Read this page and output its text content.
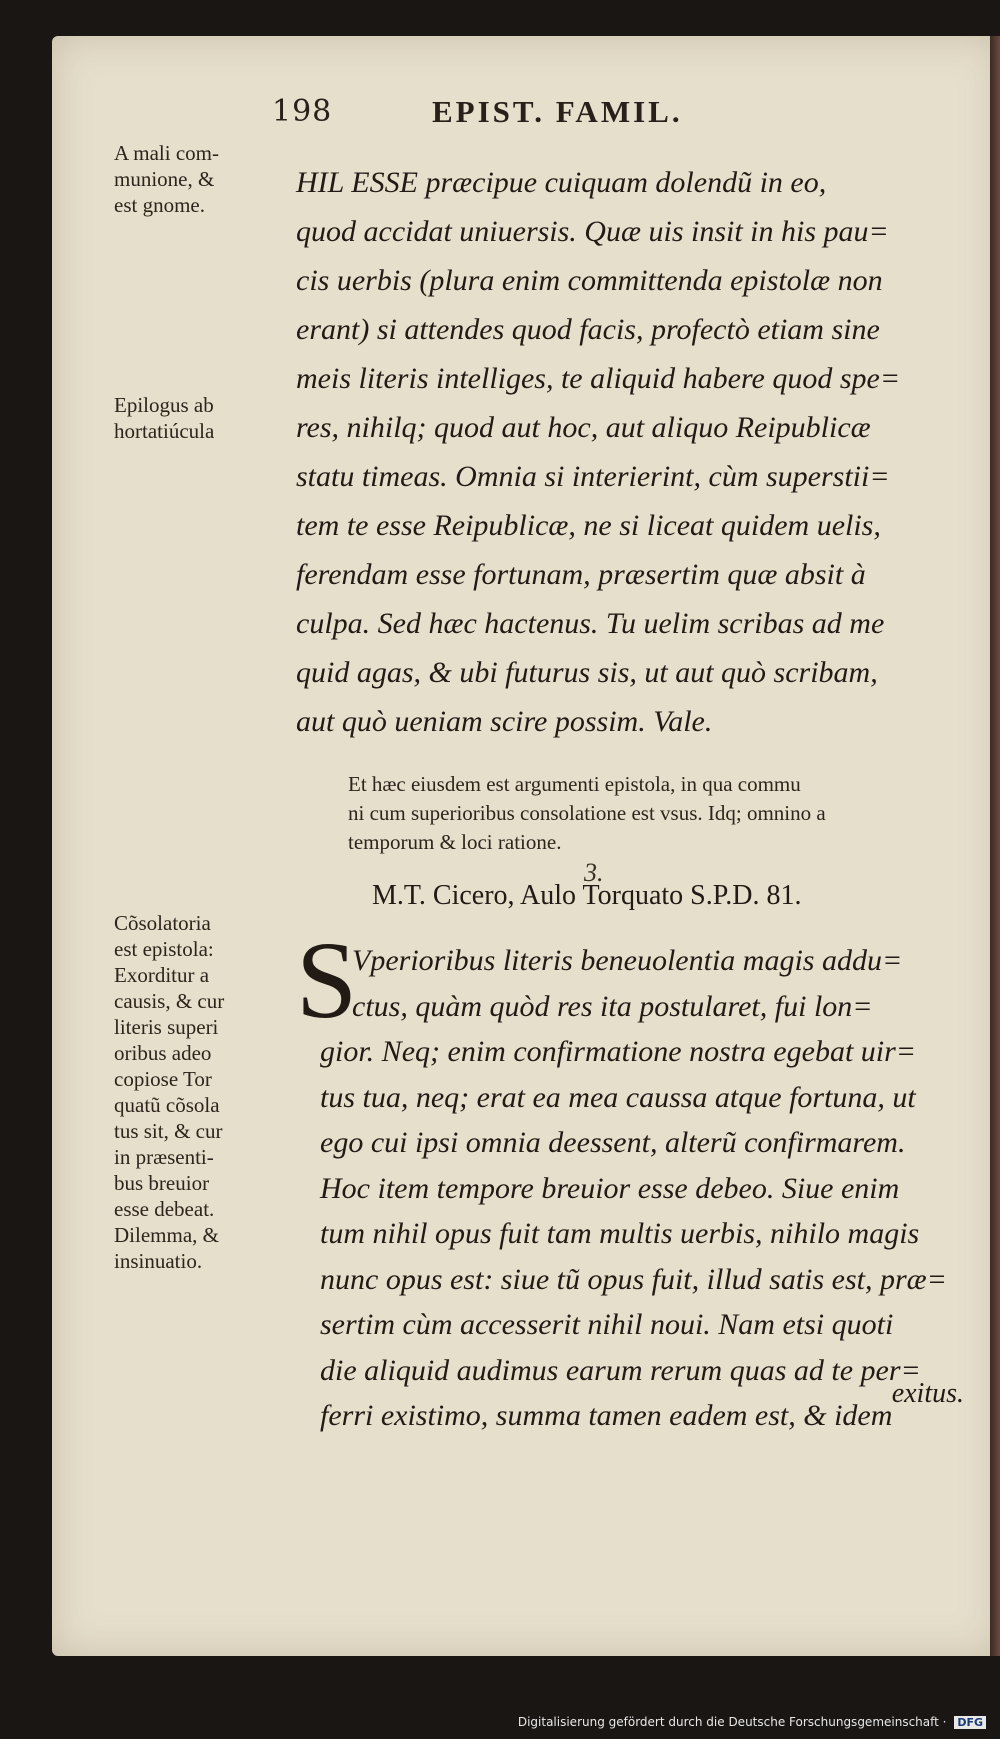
198	EPIST. FAMIL.
A mali com-
munione, &
est gnome.
Epilogus ab
hortatiúcula
Cõsolatoria
est epistola:
Exorditur a
causis, & cur
literis superi
oribus adeo
copiose Tor
quatũ cõsola
tus sit, & cur
in præsenti-
bus breuior
esse debeat.
Dilemma, &
insinuatio.
HIL ESSE præcipue cuiquam dolendũ in eo,
quod accidat uniuersis. Quæ uis insit in his pau=
cis uerbis (plura enim committenda epistolæ non
erant) si attendes quod facis, profectò etiam sine
meis literis intelliges, te aliquid habere quod spe=
res, nihilq; quod aut hoc, aut aliquo Reipublicæ
statu timeas. Omnia si interierint, cùm superstii=
tem te esse Reipublicæ, ne si liceat quidem uelis,
ferendam esse fortunam, præsertim quæ absit à
culpa. Sed hæc hactenus. Tu uelim scribas ad me
quid agas, & ubi futurus sis, ut aut quò scribam,
aut quò ueniam scire possim. Vale.
Et hæc eiusdem est argumenti epistola, in qua commu
ni cum superioribus consolatione est vsus. Idq; omnino a
temporum & loci ratione.
3.
M.T. Cicero, Aulo Torquato S.P.D. 81.
S
Vperioribus literis beneuolentia magis addu=
ctus, quàm quòd res ita postularet, fui lon=
gior. Neq; enim confirmatione nostra egebat uir=
tus tua, neq; erat ea mea caussa atque fortuna, ut
ego cui ipsi omnia deessent, alterũ confirmarem.
Hoc item tempore breuior esse debeo. Siue enim
tum nihil opus fuit tam multis uerbis, nihilo magis
nunc opus est: siue tũ opus fuit, illud satis est, præ=
sertim cùm accesserit nihil noui. Nam etsi quoti
die aliquid audimus earum rerum quas ad te per=
ferri existimo, summa tamen eadem est, & idem
exitus.
Digitalisierung gefördert durch die Deutsche Forschungsgemeinschaft · DFG
